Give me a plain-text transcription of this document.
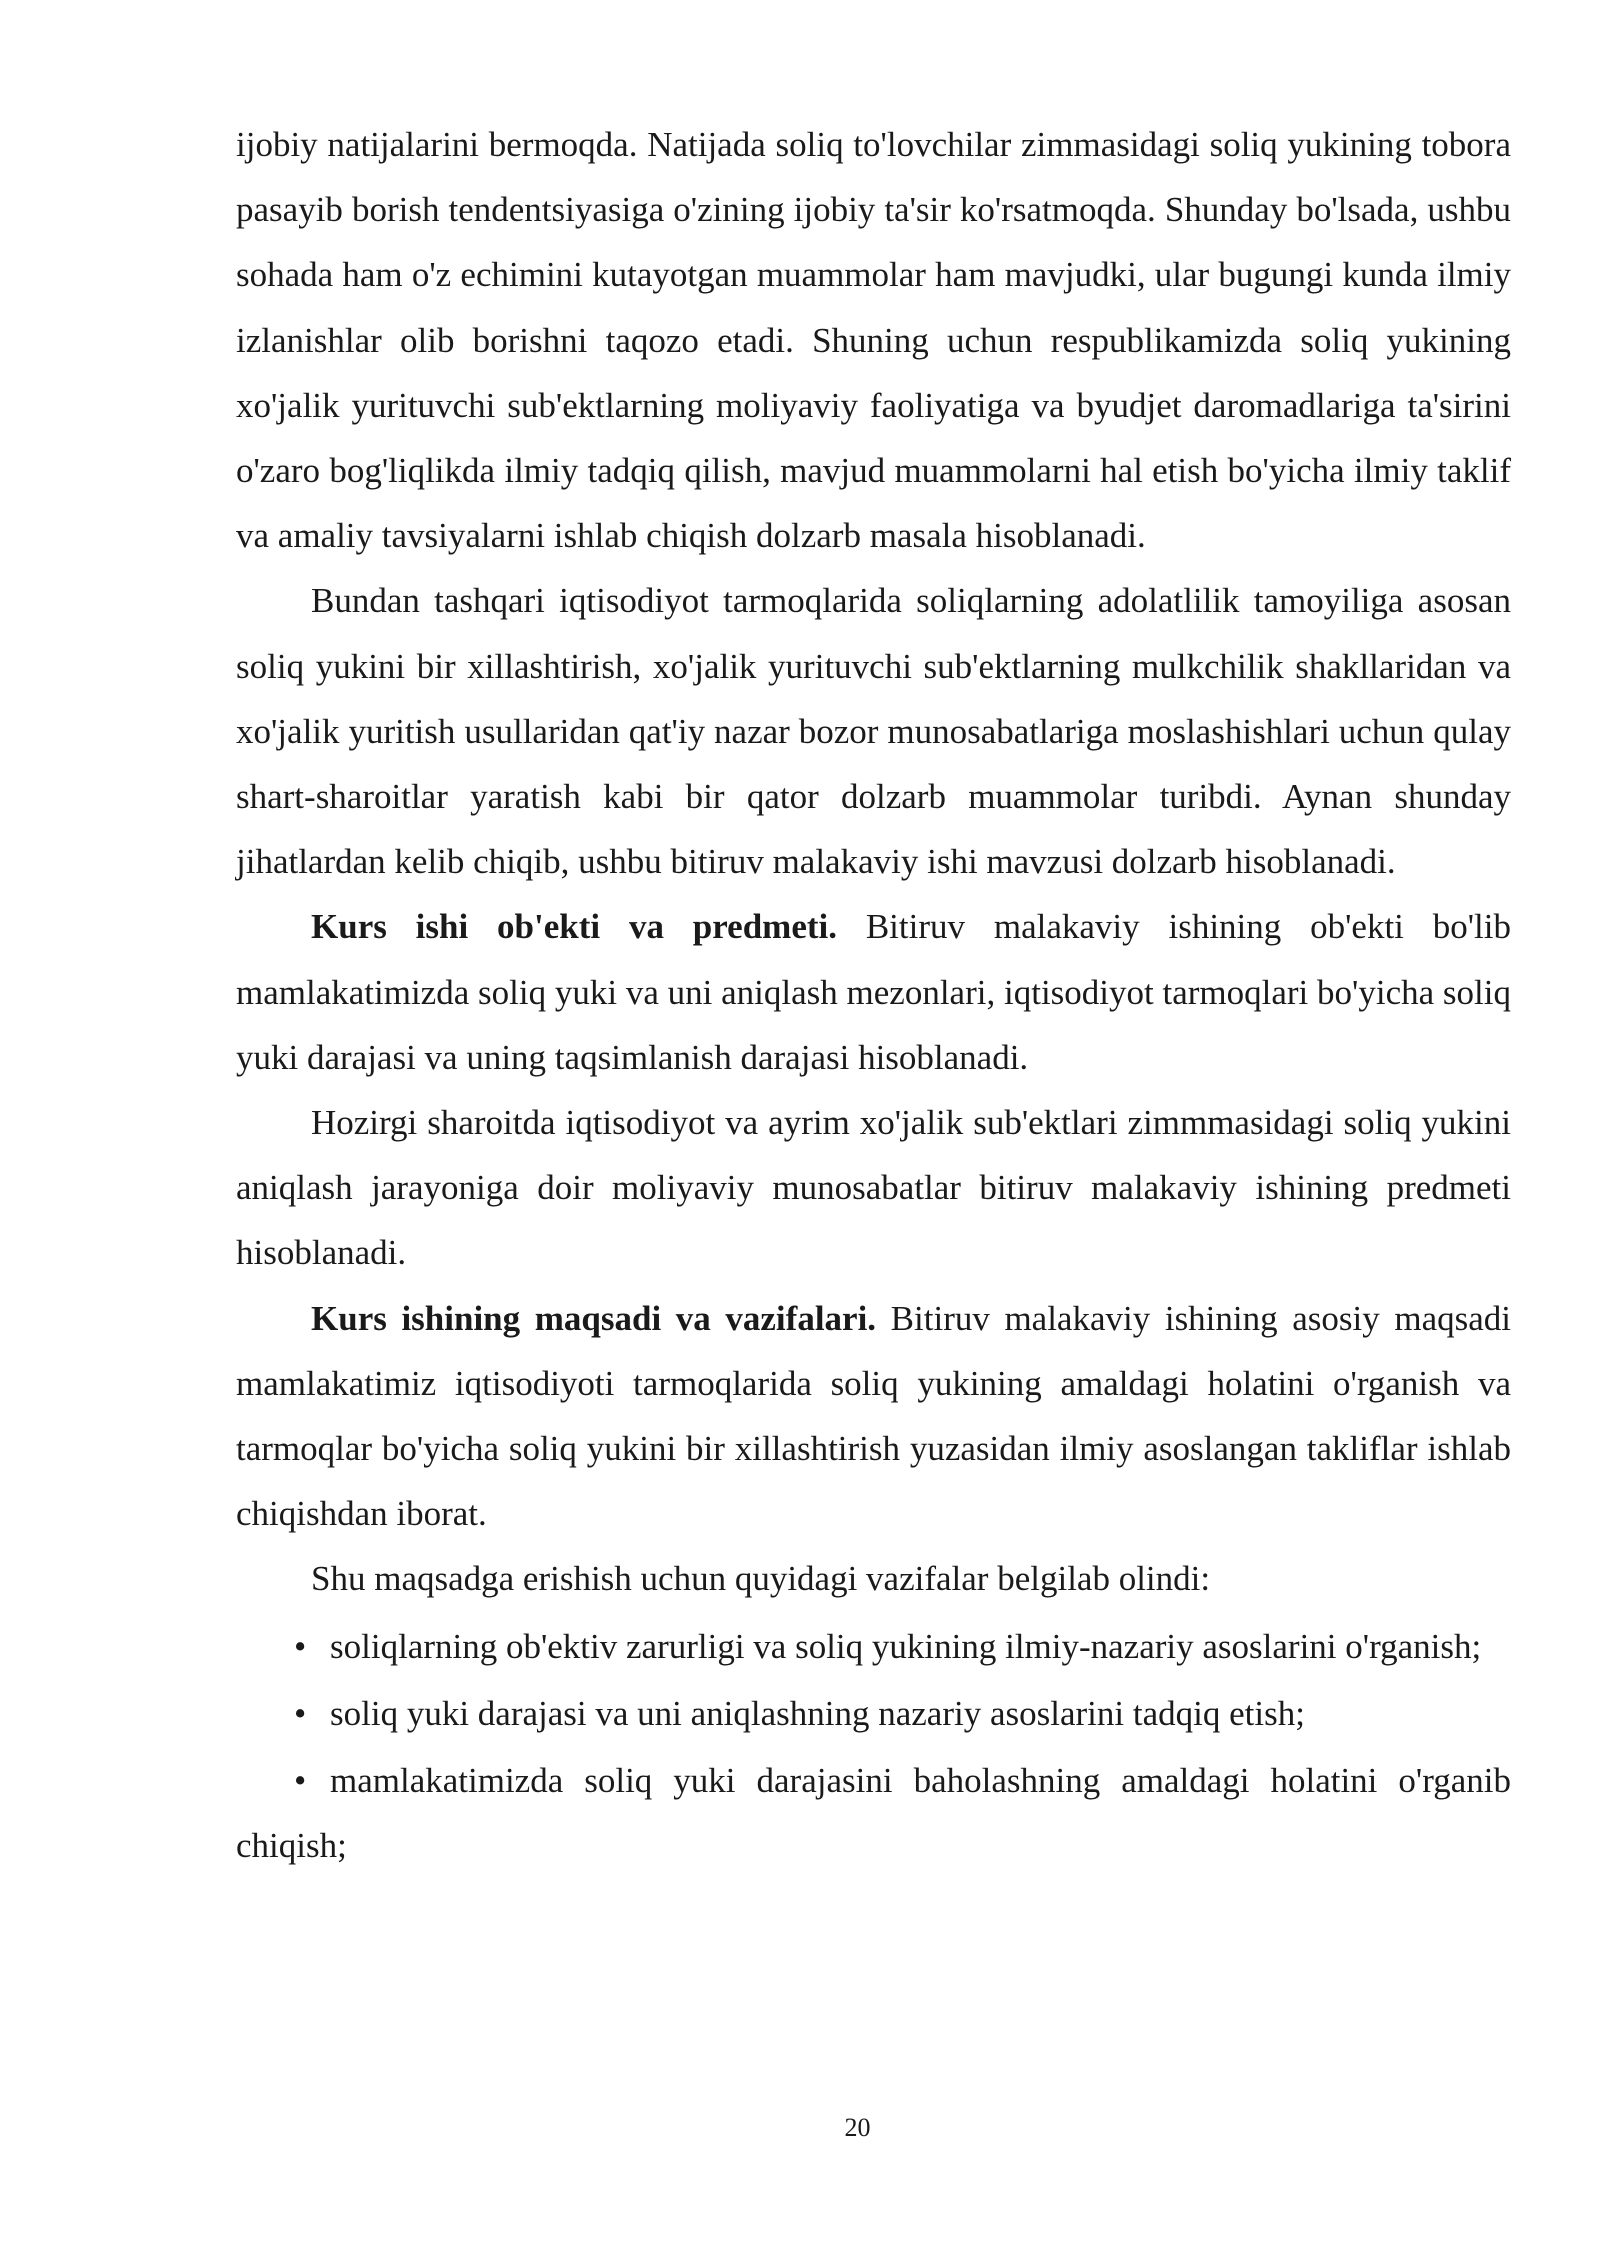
ijobiy natijalarini bermoqda. Natijada soliq to'lovchilar zimmasidagi soliq yukining tobora pasayib borish tendentsiyasiga o'zining ijobiy ta'sir ko'rsatmoqda. Shunday bo'lsada, ushbu sohada ham o'z echimini kutayotgan muammolar ham mavjudki, ular bugungi kunda ilmiy izlanishlar olib borishni taqozo etadi. Shuning uchun respublikamizda soliq yukining xo'jalik yurituvchi sub'ektlarning moliyaviy faoliyatiga va byudjet daromadlariga ta'sirini o'zaro bog'liqlikda ilmiy tadqiq qilish, mavjud muammolarni hal etish bo'yicha ilmiy taklif va amaliy tavsiyalarni ishlab chiqish dolzarb masala hisoblanadi.

Bundan tashqari iqtisodiyot tarmoqlarida soliqlarning adolatlilik tamoyiliga asosan soliq yukini bir xillashtirish, xo'jalik yurituvchi sub'ektlarning mulkchilik shakllaridan va xo'jalik yuritish usullaridan qat'iy nazar bozor munosabatlariga moslashishlari uchun qulay shart-sharoitlar yaratish kabi bir qator dolzarb muammolar turibdi. Aynan shunday jihatlardan kelib chiqib, ushbu bitiruv malakaviy ishi mavzusi dolzarb hisoblanadi.

Kurs ishi ob'ekti va predmeti. Bitiruv malakaviy ishining ob'ekti bo'lib mamlakatimizda soliq yuki va uni aniqlash mezonlari, iqtisodiyot tarmoqlari bo'yicha soliq yuki darajasi va uning taqsimlanish darajasi hisoblanadi.

Hozirgi sharoitda iqtisodiyot va ayrim xo'jalik sub'ektlari zimmmasidagi soliq yukini aniqlash jarayoniga doir moliyaviy munosabatlar bitiruv malakaviy ishining predmeti hisoblanadi.

Kurs ishining maqsadi va vazifalari. Bitiruv malakaviy ishining asosiy maqsadi mamlakatimiz iqtisodiyoti tarmoqlarida soliq yukining amaldagi holatini o'rganish va tarmoqlar bo'yicha soliq yukini bir xillashtirish yuzasidan ilmiy asoslangan takliflar ishlab chiqishdan iborat.

Shu maqsadga erishish uchun quyidagi vazifalar belgilab olindi:

• soliqlarning ob'ektiv zarurligi va soliq yukining ilmiy-nazariy asoslarini o'rganish;

• soliq yuki darajasi va uni aniqlashning nazariy asoslarini tadqiq etish;

• mamlakatimizda soliq yuki darajasini baholashning amaldagi holatini o'rganib chiqish;

20
